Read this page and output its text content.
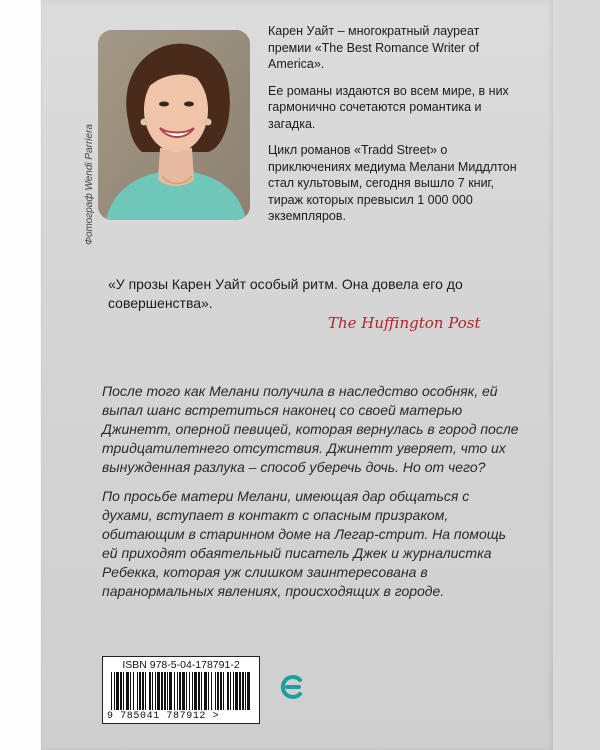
Фотограф Wendi Parriera

Карен Уайт – многократный лауреат премии «The Best Romance Writer of America».

Ее романы издаются во всем мире, в них гармонично сочетаются романтика и загадка.

Цикл романов «Tradd Street» о приключениях медиума Мелани Миддлтон стал культовым, сегодня вышло 7 книг, тираж которых превысил 1 000 000 экземпляров.

«У прозы Карен Уайт особый ритм. Она довела его до совершенства».
The Huffington Post

После того как Мелани получила в наследство особняк, ей выпал шанс встретиться наконец со своей матерью Джинетт, оперной певицей, которая вернулась в город после тридцатилетнего отсутствия. Джинетт уверяет, что их вынужденная разлука – способ уберечь дочь. Но от чего?

По просьбе матери Мелани, имеющая дар общаться с духами, вступает в контакт с опасным призраком, обитающим в старинном доме на Легар-стрит. На помощь ей приходят обаятельный писатель Джек и журналистка Ребекка, которая уж слишком заинтересована в паранормальных явлениях, происходящих в городе.

ISBN 978-5-04-178791-2
9 785041 787912 >
